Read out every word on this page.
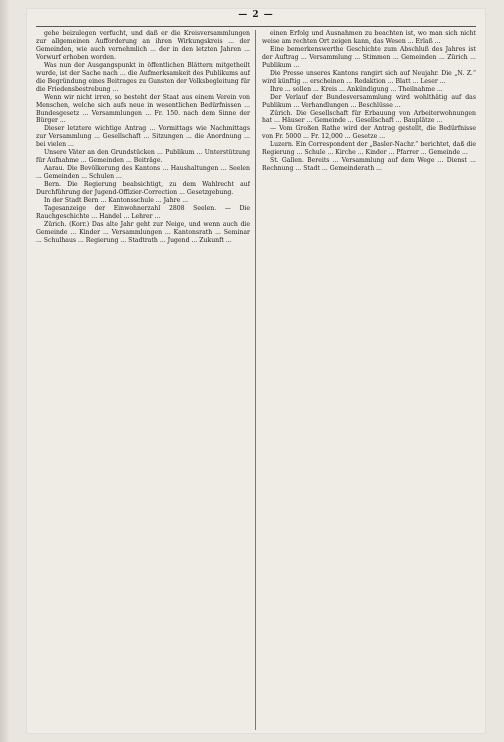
— 2 —

gehe beizulegen verfucht, und daß er die Kreisversammlungen zur allgemeinen Aufforderung an ihren Wirkungskreis ... der Gemeinden, wie auch vernehmlich ... der in den letzten Jahren ... Vorwurf erhoben worden.

Was nun der Ausgangspunkt in öffentlichen Blättern mitgetheilt wurde, ist der Sache nach ... die Aufmerksamkeit des Publikums auf die Begründung eines Beitrages zu Gunsten der Volksbegleitung für die Friedensbestrebung ...

Wenn wir nicht irren, so besteht der Staat aus einem Verein von Menschen, welche sich aufs neue in wesentlichen Bedürfnissen ... Bundesgesetz ... Versammlungen ... Fr. 150. nach dem Sinne der Bürger ...

Dieser letztere wichtige Antrag ... Vormittags wie Nachmittags zur Versammlung ... Gesellschaft ... Sitzungen ... die Anordnung ... bei vielen ...

Unsere Väter an den Grundstücken ... Publikum ... Unterstützung für Aufnahme ... Gemeinden ... Beiträge.

Aarau. Die Bevölkerung des Kantons ... Haushaltungen ... Seelen ... Gemeinden ... Schulen ...

Bern. Die Regierung beabsichtigt, zu dem Wahlrecht auf Durchführung der Jugend-Offizier-Correction ... Gesetzgebung.

In der Stadt Bern ... Kantonsschule ... Jahre ...

Tagesanzeige der Einwohnerzahl 2808 Seelen. — Die Rauchgeschichte ... Handel ... Lehrer ...

Zürich. (Korr.) Das alte Jahr geht zur Neige, und wenn auch die Gemeinde ... Kinder ... Versammlungen ... Kantonsrath ... Seminar ... Schulhaus ... Regierung ... Stadtrath ... Jugend ... Zukunft ...

einen Erfolg und Ausnahmen zu beachten ist, wo man sich nicht weise am rechten Ort zeigen kann, das Wesen ... Erlaß ...

Eine bemerkenswerthe Geschichte zum Abschluß des Jahres ist der Auftrag ... Versammlung ... Stimmen ... Gemeinden ... Zürich ... Publikum ...

Die Presse unseres Kantons rangirt sich auf Neujahr. Die „N. Z.“ wird künftig ... erscheinen ... Redaktion ... Blatt ... Leser ...

Ihre ... sollen ... Kreis ... Ankündigung ... Theilnahme ...

Der Verlauf der Bundesversammlung wird wohlthätig auf das Publikum ... Verhandlungen ... Beschlüsse ...

Zürich. Die Gesellschaft für Erbauung von Arbeiterwohnungen hat ... Häuser ... Gemeinde ... Gesellschaft ... Bauplätze ...

— Vom Großen Rathe wird der Antrag gestellt, die Bedürfnisse von Fr. 5000 ... Fr. 12,000 ... Gesetze ...

Luzern. Ein Correspondent der „Basler-Nachr.“ berichtet, daß die Regierung ... Schule ... Kirche ... Kinder ... Pfarrer ... Gemeinde ...

St. Gallen. Bereits ... Versammlung auf dem Wege ... Dienst ... Rechnung ... Stadt ... Gemeinderath ...
